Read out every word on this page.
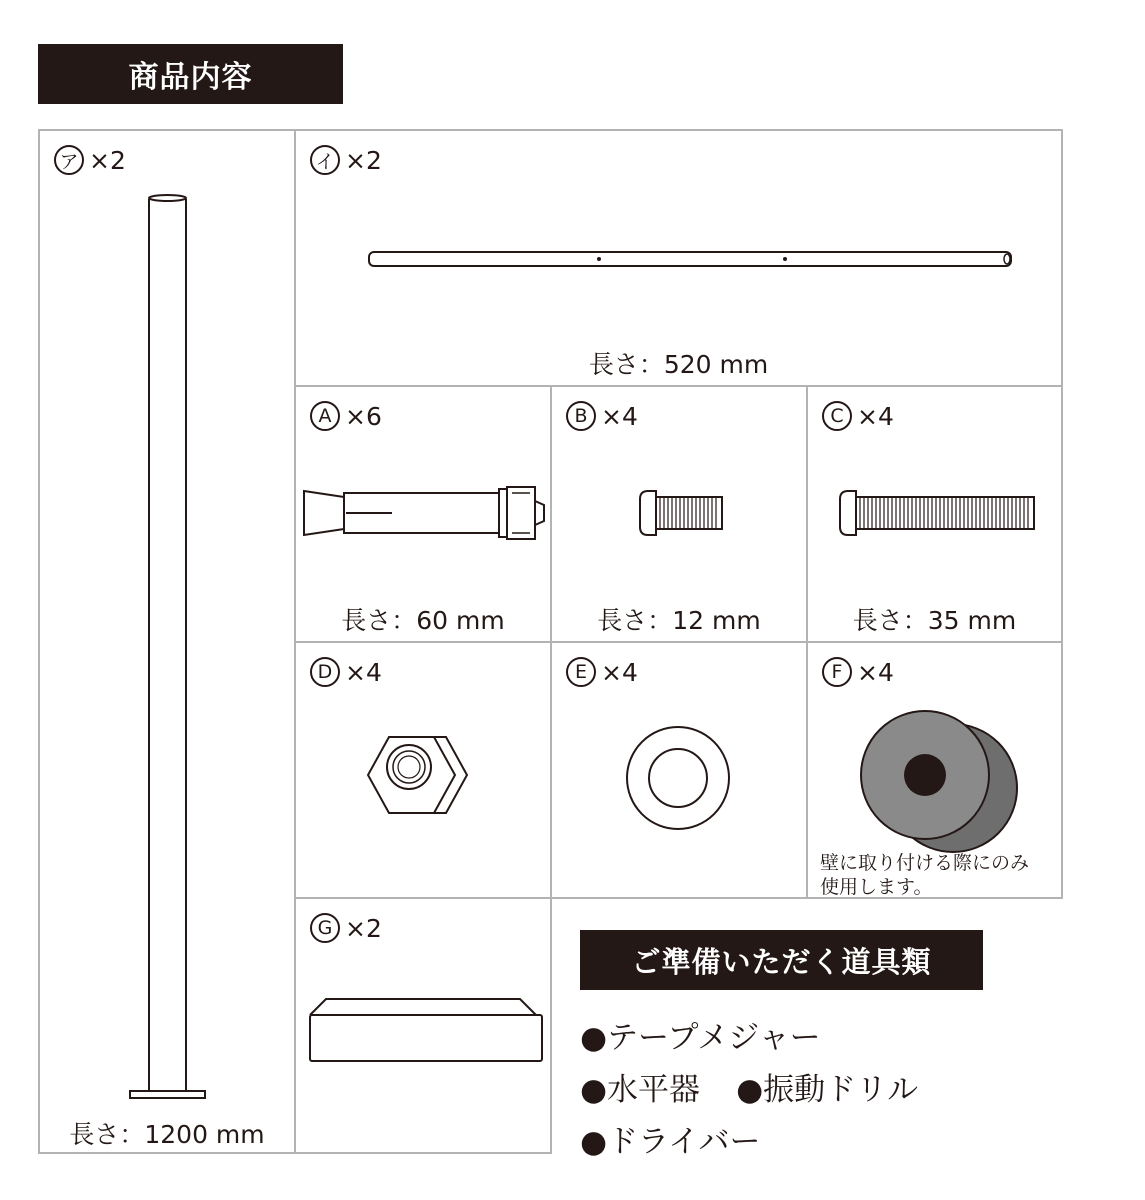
商品内容
ア ×2
長さ：1200 mm
イ ×2
長さ：520 mm
A ×6
長さ：60 mm
B ×4
長さ：12 mm
C ×4
長さ：35 mm
D ×4	E ×4	F ×4
壁に取り付ける際にのみ
使用します。
G ×2
ご準備いただく道具類
●テープメジャー
●水平器 ●振動ドリル
●ドライバー
